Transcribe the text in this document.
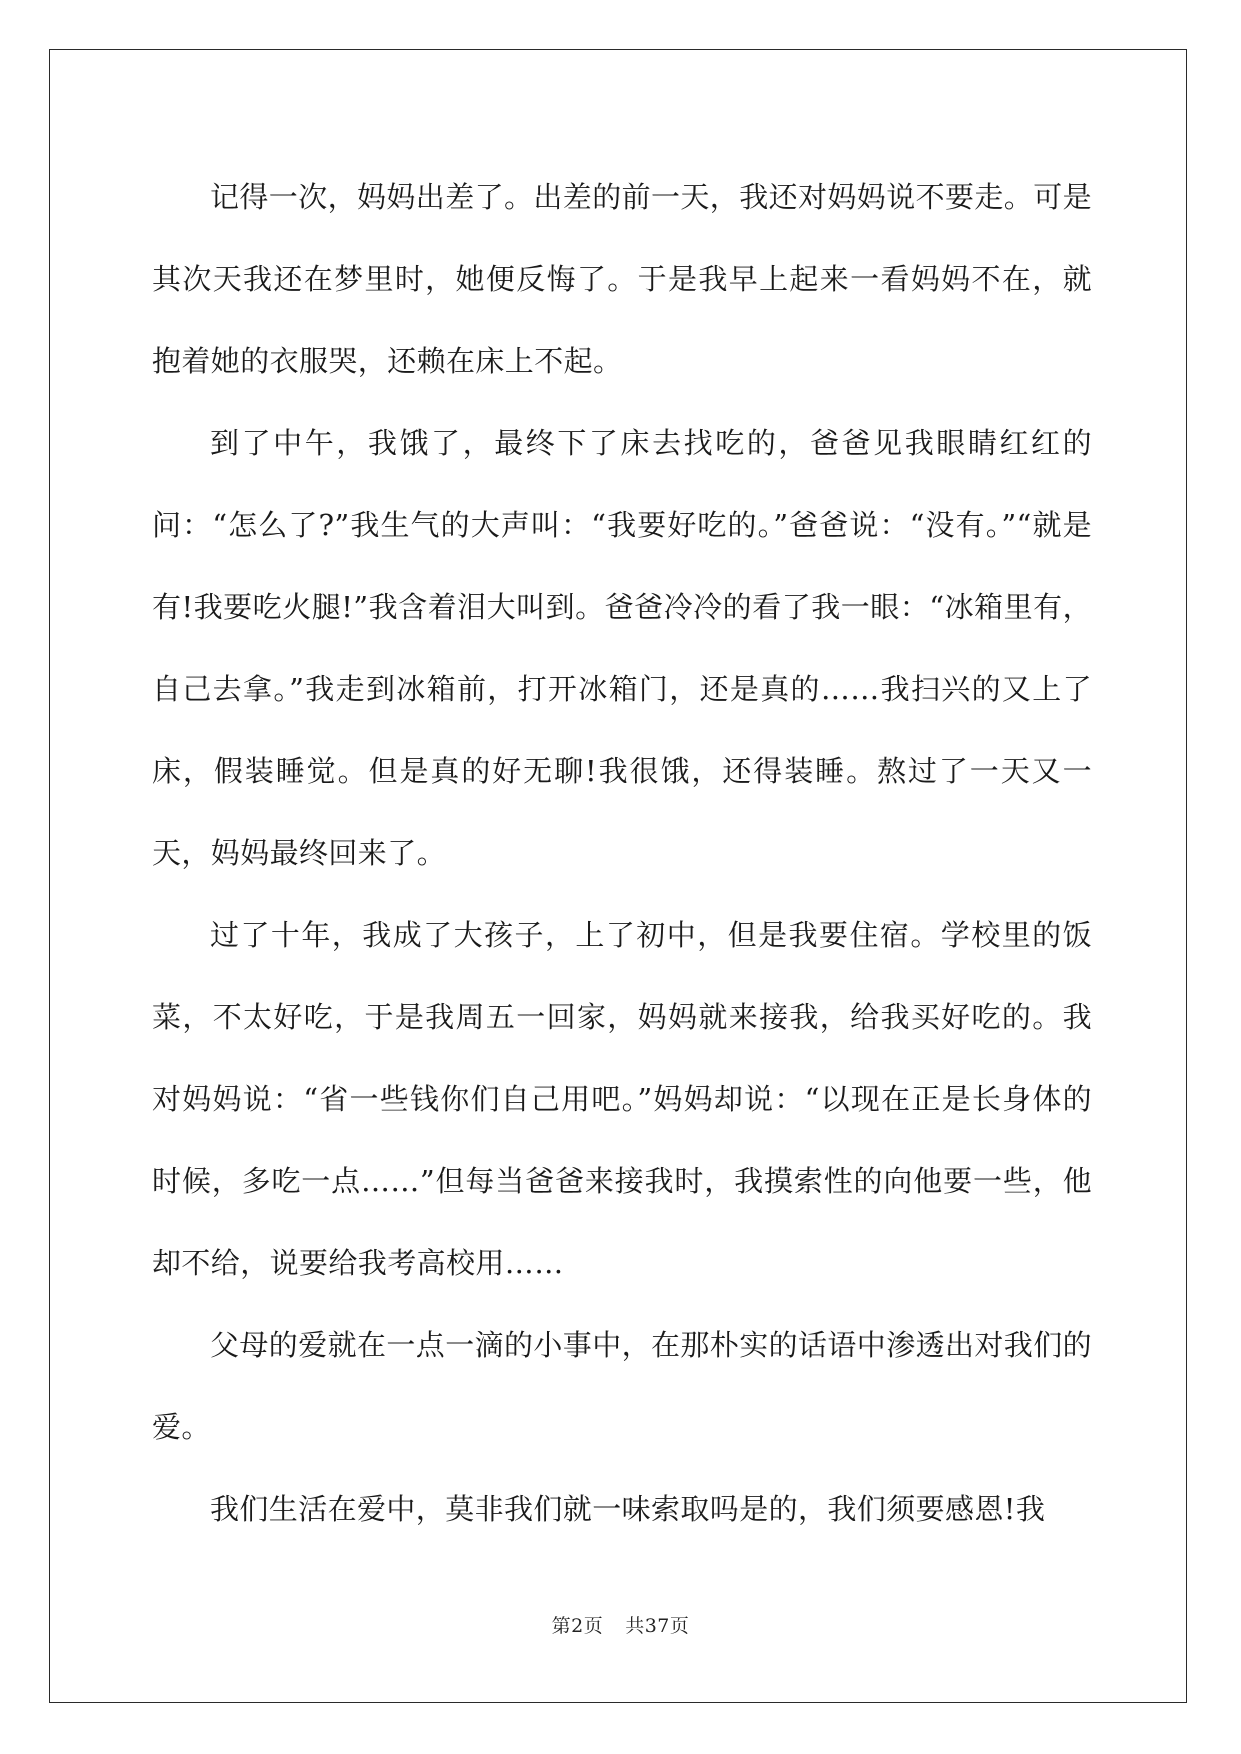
记得一次，妈妈出差了。出差的前一天，我还对妈妈说不要走。可是其次天我还在梦里时，她便反悔了。于是我早上起来一看妈妈不在，就抱着她的衣服哭，还赖在床上不起。

到了中午，我饿了，最终下了床去找吃的，爸爸见我眼睛红红的问：“怎么了?”我生气的大声叫：“我要好吃的。”爸爸说：“没有。”“就是有!我要吃火腿!”我含着泪大叫到。爸爸冷冷的看了我一眼：“冰箱里有，自己去拿。”我走到冰箱前，打开冰箱门，还是真的……我扫兴的又上了床，假装睡觉。但是真的好无聊!我很饿，还得装睡。熬过了一天又一天，妈妈最终回来了。

过了十年，我成了大孩子，上了初中，但是我要住宿。学校里的饭菜，不太好吃，于是我周五一回家，妈妈就来接我，给我买好吃的。我对妈妈说：“省一些钱你们自己用吧。”妈妈却说：“以现在正是长身体的时候，多吃一点……”但每当爸爸来接我时，我摸索性的向他要一些，他却不给，说要给我考高校用……

父母的爱就在一点一滴的小事中，在那朴实的话语中渗透出对我们的爱。

我们生活在爱中，莫非我们就一味索取吗是的，我们须要感恩!我

第2页 共37页
